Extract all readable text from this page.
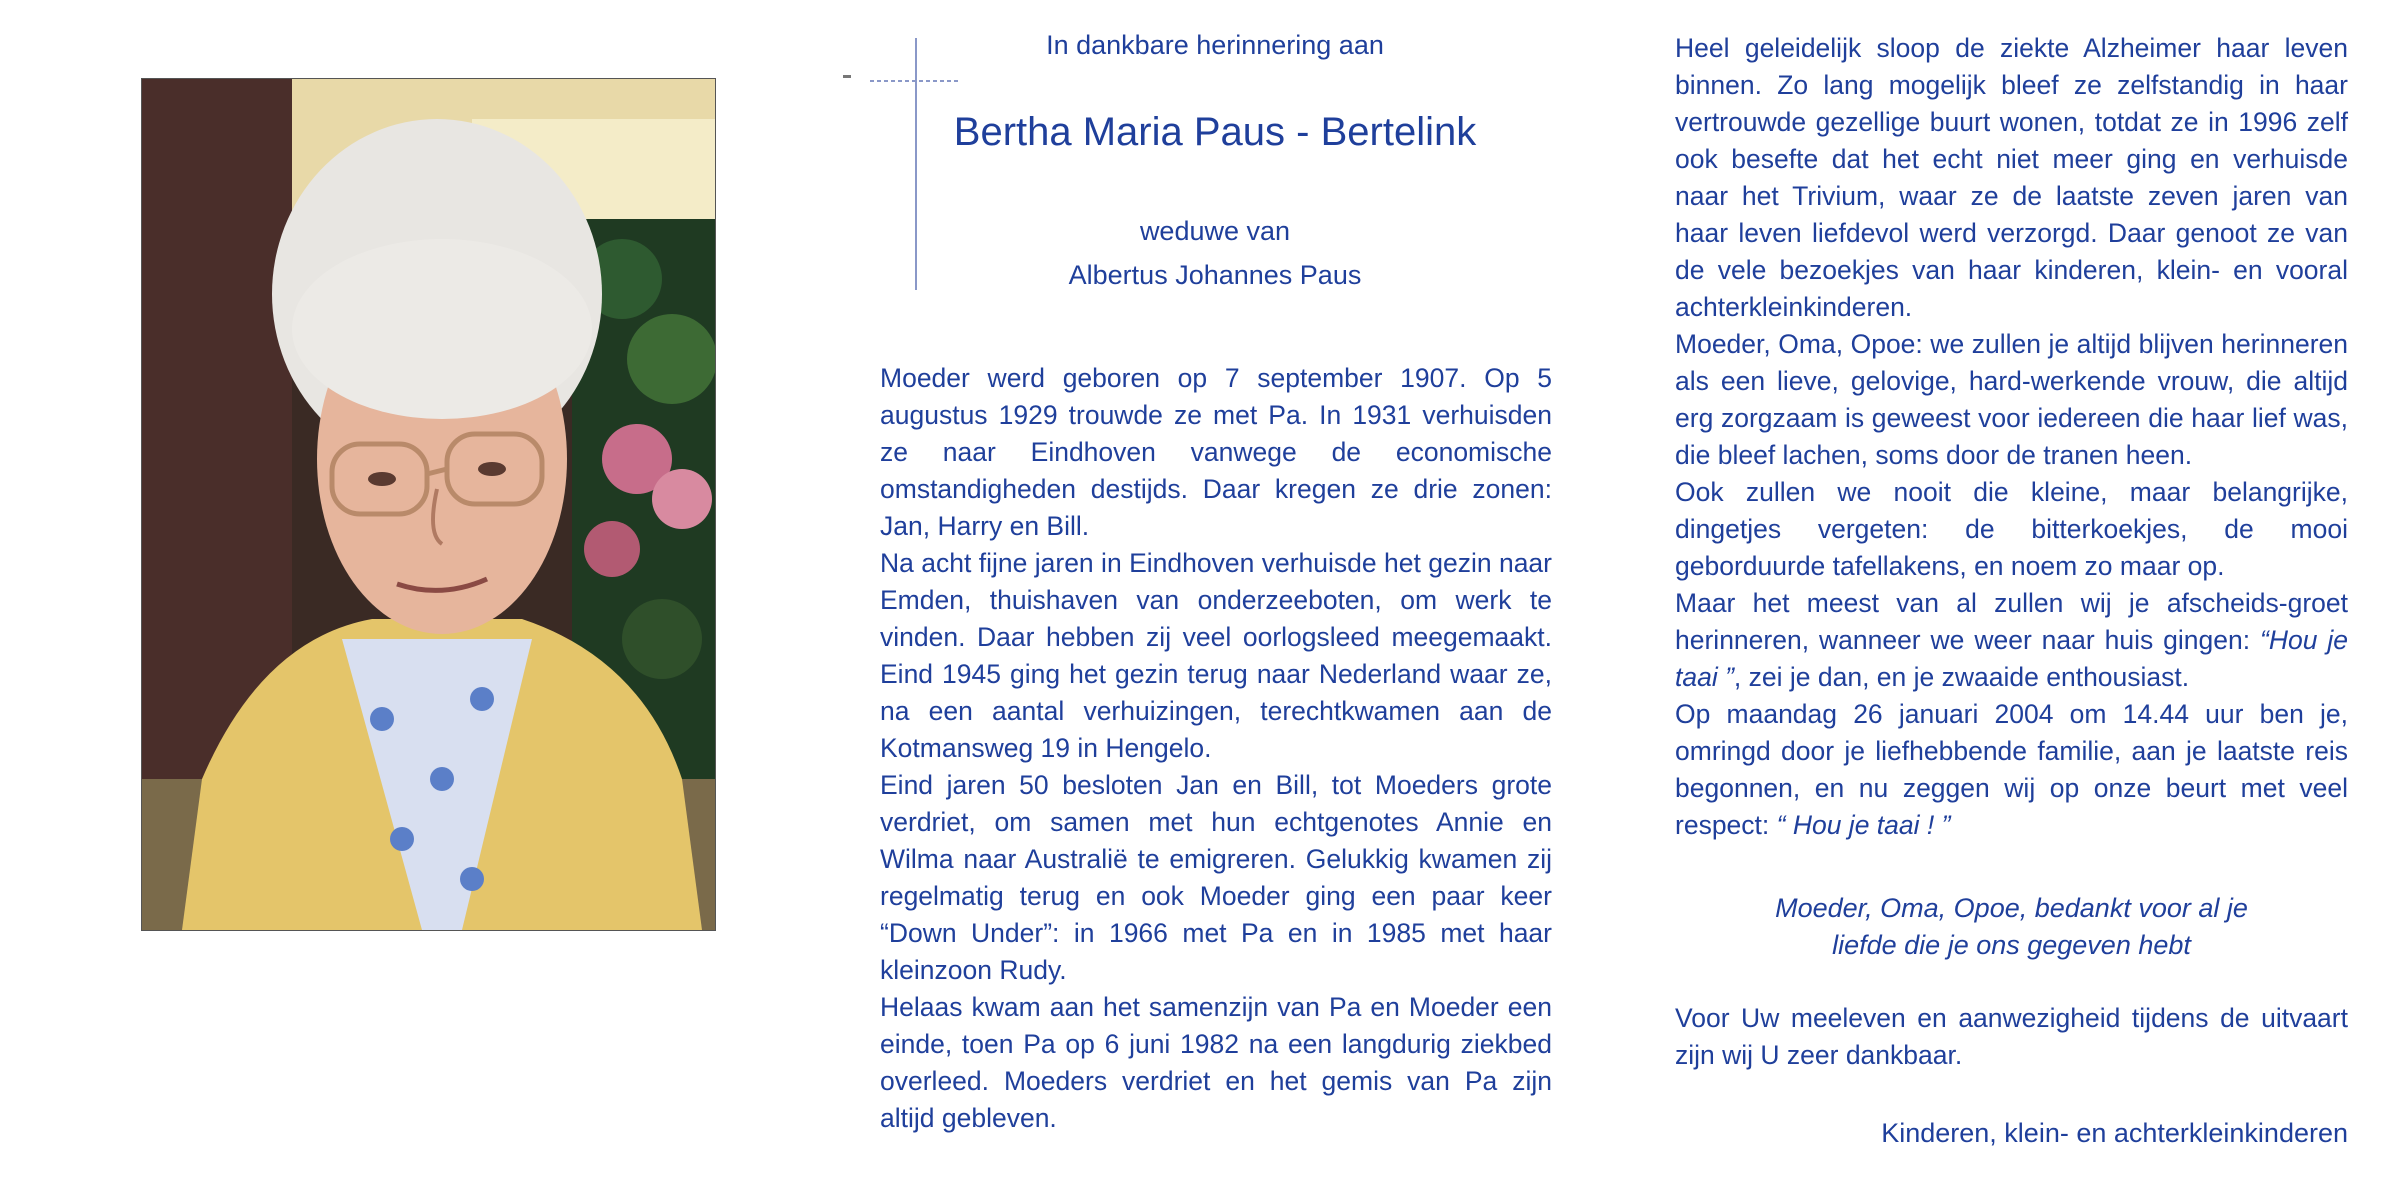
In dankbare herinnering aan
Bertha Maria Paus - Bertelink
weduwe van
Albertus Johannes Paus

Moeder werd geboren op 7 september 1907. Op 5 augustus 1929 trouwde ze met Pa. In 1931 verhuisden ze naar Eindhoven vanwege de economische omstandigheden destijds. Daar kregen ze drie zonen: Jan, Harry en Bill.

Na acht fijne jaren in Eindhoven verhuisde het gezin naar Emden, thuishaven van onderzeeboten, om werk te vinden. Daar hebben zij veel oorlogsleed meegemaakt. Eind 1945 ging het gezin terug naar Nederland waar ze, na een aantal verhuizingen, terechtkwamen aan de Kotmansweg 19 in Hengelo.

Eind jaren 50 besloten Jan en Bill, tot Moeders grote verdriet, om samen met hun echtgenotes Annie en Wilma naar Australië te emigreren. Gelukkig kwamen zij regelmatig terug en ook Moeder ging een paar keer “Down Under”: in 1966 met Pa en in 1985 met haar kleinzoon Rudy.

Helaas kwam aan het samenzijn van Pa en Moeder een einde, toen Pa op 6 juni 1982 na een langdurig ziekbed overleed. Moeders verdriet en het gemis van Pa zijn altijd gebleven.

Heel geleidelijk sloop de ziekte Alzheimer haar leven binnen. Zo lang mogelijk bleef ze zelfstandig in haar vertrouwde gezellige buurt wonen, totdat ze in 1996 zelf ook besefte dat het echt niet meer ging en verhuisde naar het Trivium, waar ze de laatste zeven jaren van haar leven liefdevol werd verzorgd. Daar genoot ze van de vele bezoekjes van haar kinderen, klein- en vooral achterkleinkinderen.

Moeder, Oma, Opoe: we zullen je altijd blijven herinneren als een lieve, gelovige, hard-werkende vrouw, die altijd erg zorgzaam is geweest voor iedereen die haar lief was, die bleef lachen, soms door de tranen heen.

Ook zullen we nooit die kleine, maar belangrijke, dingetjes vergeten: de bitterkoekjes, de mooi geborduurde tafellakens, en noem zo maar op.

Maar het meest van al zullen wij je afscheids-groet herinneren, wanneer we weer naar huis gingen: “Hou je taai ”, zei je dan, en je zwaaide enthousiast.

Op maandag 26 januari 2004 om 14.44 uur ben je, omringd door je liefhebbende familie, aan je laatste reis begonnen, en nu zeggen wij op onze beurt met veel respect: “ Hou je taai ! ”

Moeder, Oma, Opoe, bedankt voor al je
liefde die je ons gegeven hebt

Voor Uw meeleven en aanwezigheid tijdens de uitvaart zijn wij U zeer dankbaar.

Kinderen, klein- en achterkleinkinderen
